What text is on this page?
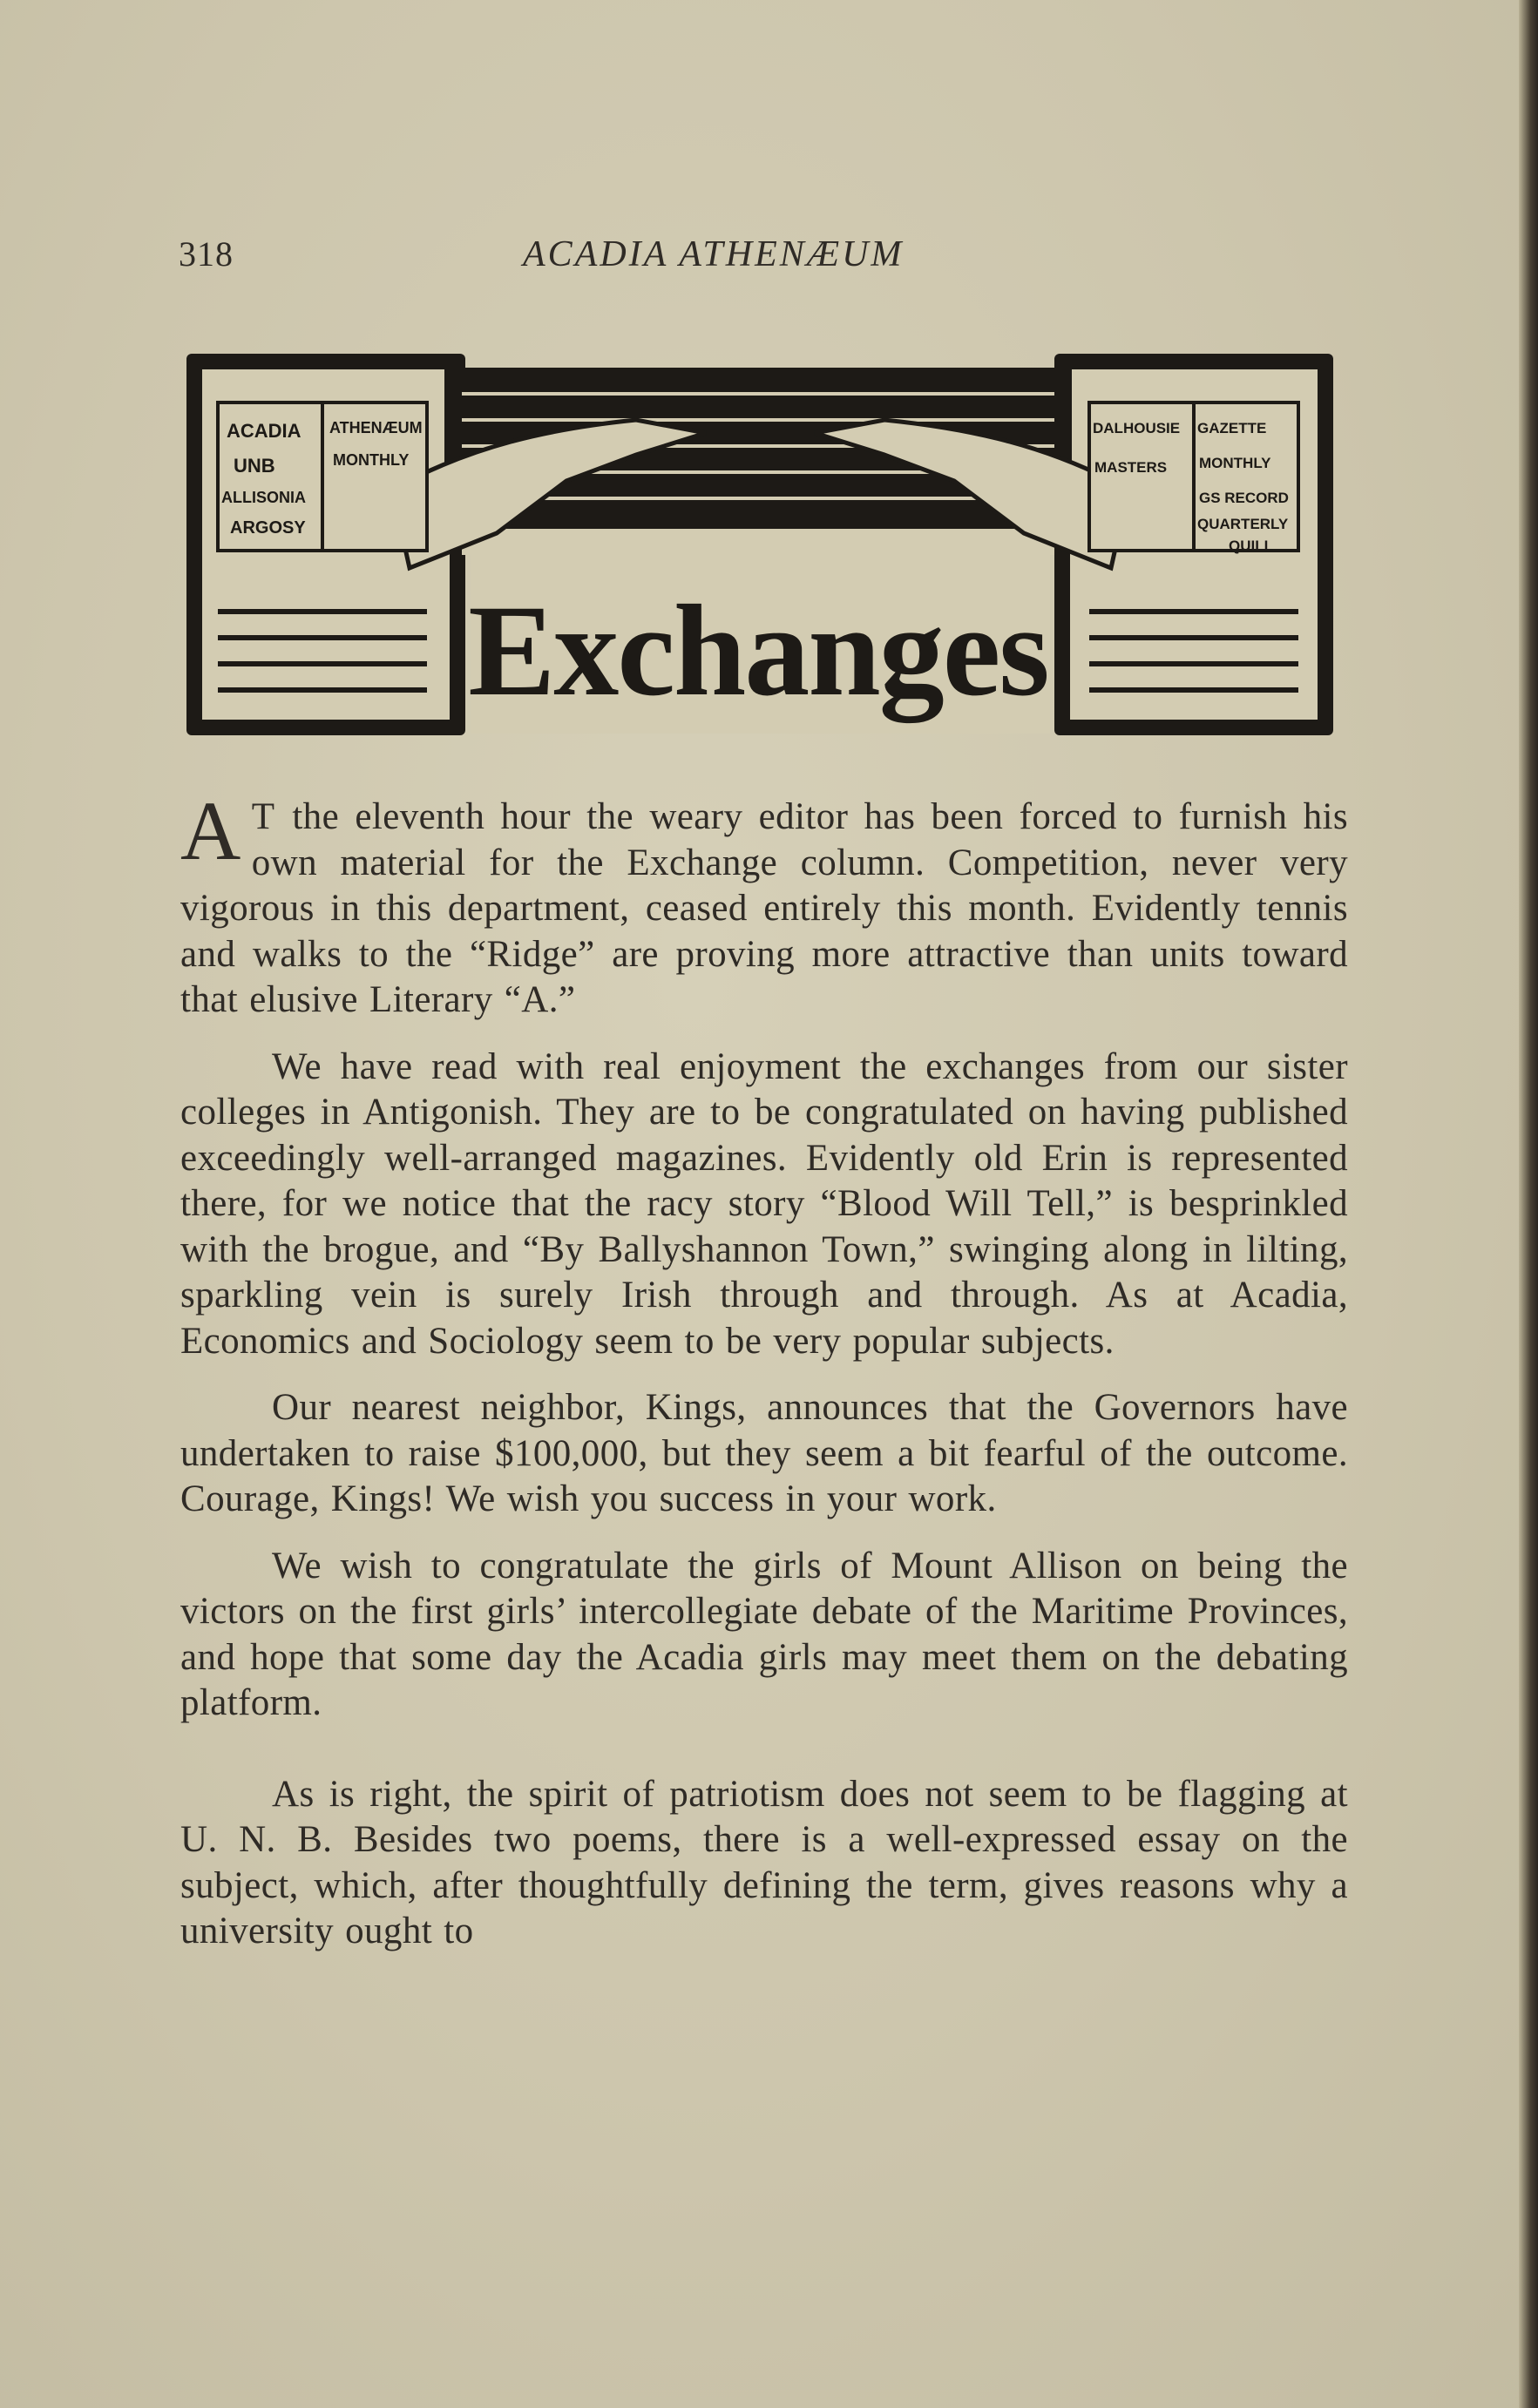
318	ACADIA ATHENÆUM
ACADIA
UNB
ALLISONIA
ARGOSY
ATHENÆUM
MONTHLY
DALHOUSIE GAZETTE
MASTERS MONTHLY
GS RECORD
QUARTERLY
QUILL
Exchanges

A T the eleventh hour the weary editor has been forced to furnish his own material for the Exchange column. Competition, never very vigorous in this department, ceased entirely this month. Evidently tennis and walks to the “Ridge” are proving more attractive than units toward that elusive Literary “A.”

We have read with real enjoyment the exchanges from our sister colleges in Antigonish. They are to be congratulated on having published exceedingly well-arranged magazines. Evidently old Erin is represented there, for we notice that the racy story “Blood Will Tell,” is besprinkled with the brogue, and “By Ballyshannon Town,” swinging along in lilting, sparkling vein is surely Irish through and through. As at Acadia, Economics and Sociology seem to be very popular subjects.

Our nearest neighbor, Kings, announces that the Governors have undertaken to raise $100,000, but they seem a bit fearful of the outcome. Courage, Kings! We wish you success in your work.

We wish to congratulate the girls of Mount Allison on being the victors on the first girls’ intercollegiate debate of the Maritime Provinces, and hope that some day the Acadia girls may meet them on the debating platform.

As is right, the spirit of patriotism does not seem to be flagging at U. N. B. Besides two poems, there is a well-expressed essay on the subject, which, after thoughtfully defining the term, gives reasons why a university ought to
